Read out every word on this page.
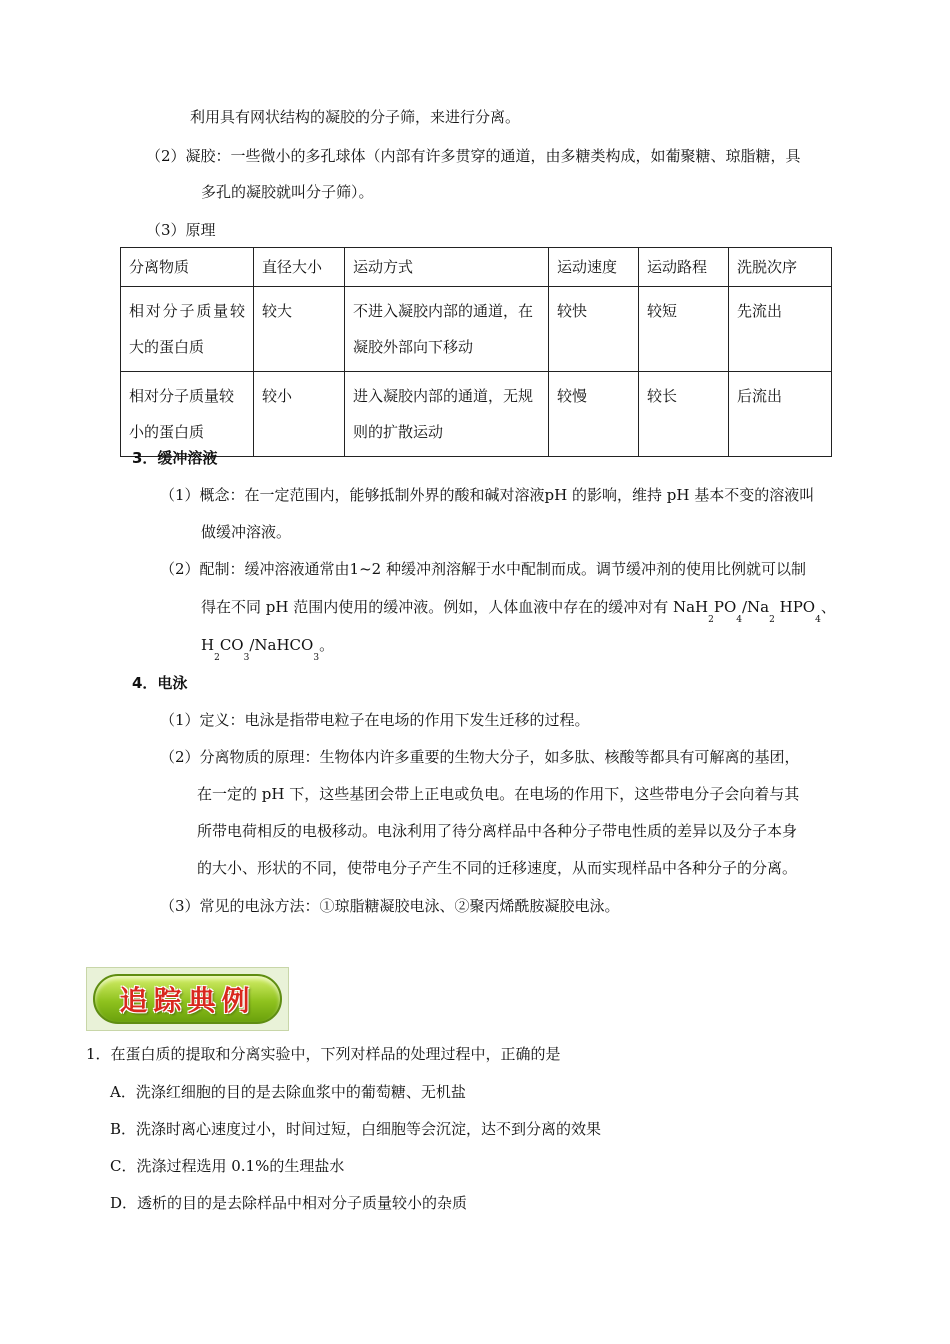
利用具有网状结构的凝胶的分子筛，来进行分离。
（2）凝胶：一些微小的多孔球体（内部有许多贯穿的通道，由多糖类构成，如葡聚糖、琼脂糖，具
多孔的凝胶就叫分子筛）。
（3）原理
分离物质	直径大小	运动方式	运动速度	运动路程	洗脱次序
相对分子质量较大的蛋白质	较大	不进入凝胶内部的通道，在凝胶外部向下移动	较快	较短	先流出
相对分子质量较小的蛋白质	较小	进入凝胶内部的通道，无规则的扩散运动	较慢	较长	后流出
3．缓冲溶液
（1）概念：在一定范围内，能够抵制外界的酸和碱对溶液pH 的影响，维持 pH 基本不变的溶液叫
做缓冲溶液。
（2）配制：缓冲溶液通常由1~2 种缓冲剂溶解于水中配制而成。调节缓冲剂的使用比例就可以制
得在不同 pH 范围内使用的缓冲液。例如，人体血液中存在的缓冲对有 $NaH_2PO_4/Na_2$ $HPO_4$、
$H_2CO_3/NaHCO_3$。
4．电泳
（1）定义：电泳是指带电粒子在电场的作用下发生迁移的过程。
（2）分离物质的原理：生物体内许多重要的生物大分子，如多肽、核酸等都具有可解离的基团，
在一定的 pH 下，这些基团会带上正电或负电。在电场的作用下，这些带电分子会向着与其
所带电荷相反的电极移动。电泳利用了待分离样品中各种分子带电性质的差异以及分子本身
的大小、形状的不同，使带电分子产生不同的迁移速度，从而实现样品中各种分子的分离。
（3）常见的电泳方法：①琼脂糖凝胶电泳、②聚丙烯酰胺凝胶电泳。
追踪典例
1．在蛋白质的提取和分离实验中，下列对样品的处理过程中，正确的是
A．洗涤红细胞的目的是去除血浆中的葡萄糖、无机盐
B．洗涤时离心速度过小，时间过短，白细胞等会沉淀，达不到分离的效果
C．洗涤过程选用 0.1%的生理盐水
D．透析的目的是去除样品中相对分子质量较小的杂质
